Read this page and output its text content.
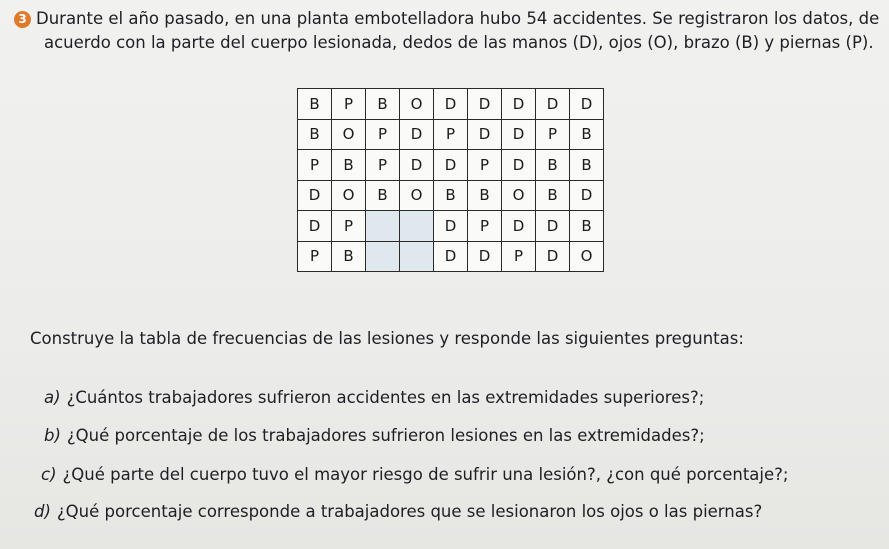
3 Durante el año pasado, en una planta embotelladora hubo 54 accidentes. Se registraron los datos, de
acuerdo con la parte del cuerpo lesionada, dedos de las manos (D), ojos (O), brazo (B) y piernas (P).
B	P	B	O	D	D	D	D	D
B	O	P	D	P	D	D	P	B
P	B	P	D	D	P	D	B	B
D	O	B	O	B	B	O	B	D
D	P			D	P	D	D	B
P	B			D	D	P	D	O
Construye la tabla de frecuencias de las lesiones y responde las siguientes preguntas:
a) ¿Cuántos trabajadores sufrieron accidentes en las extremidades superiores?;
b) ¿Qué porcentaje de los trabajadores sufrieron lesiones en las extremidades?;
c) ¿Qué parte del cuerpo tuvo el mayor riesgo de sufrir una lesión?, ¿con qué porcentaje?;
d) ¿Qué porcentaje corresponde a trabajadores que se lesionaron los ojos o las piernas?
